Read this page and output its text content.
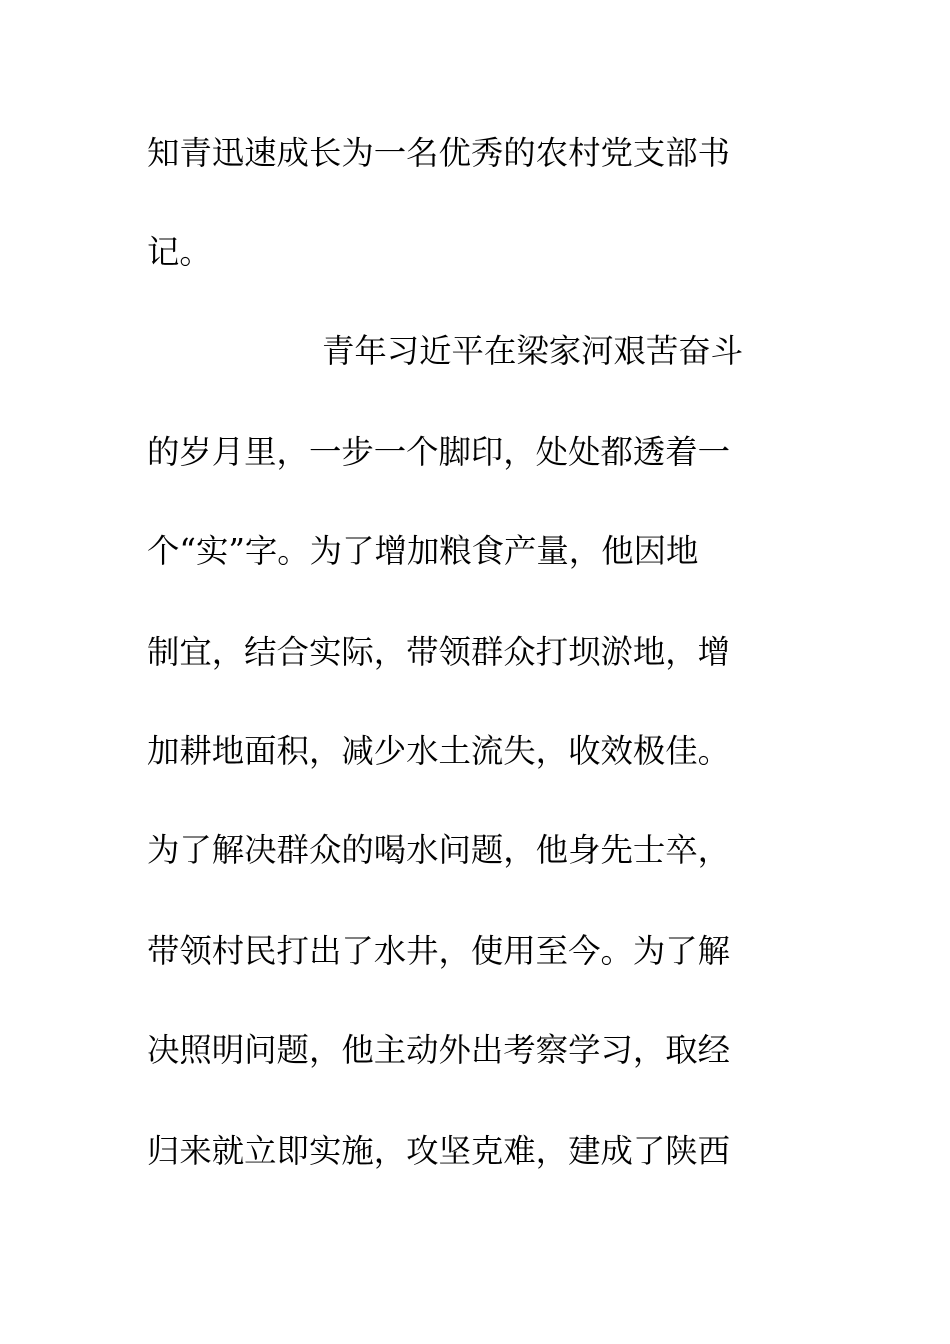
知青迅速成长为一名优秀的农村党支部书
记。
青年习近平在梁家河艰苦奋斗
的岁月里，一步一个脚印，处处都透着一
个“实”字。为了增加粮食产量，他因地
制宜，结合实际，带领群众打坝淤地，增
加耕地面积，减少水土流失，收效极佳。
为了解决群众的喝水问题，他身先士卒，
带领村民打出了水井，使用至今。为了解
决照明问题，他主动外出考察学习，取经
归来就立即实施，攻坚克难，建成了陕西
